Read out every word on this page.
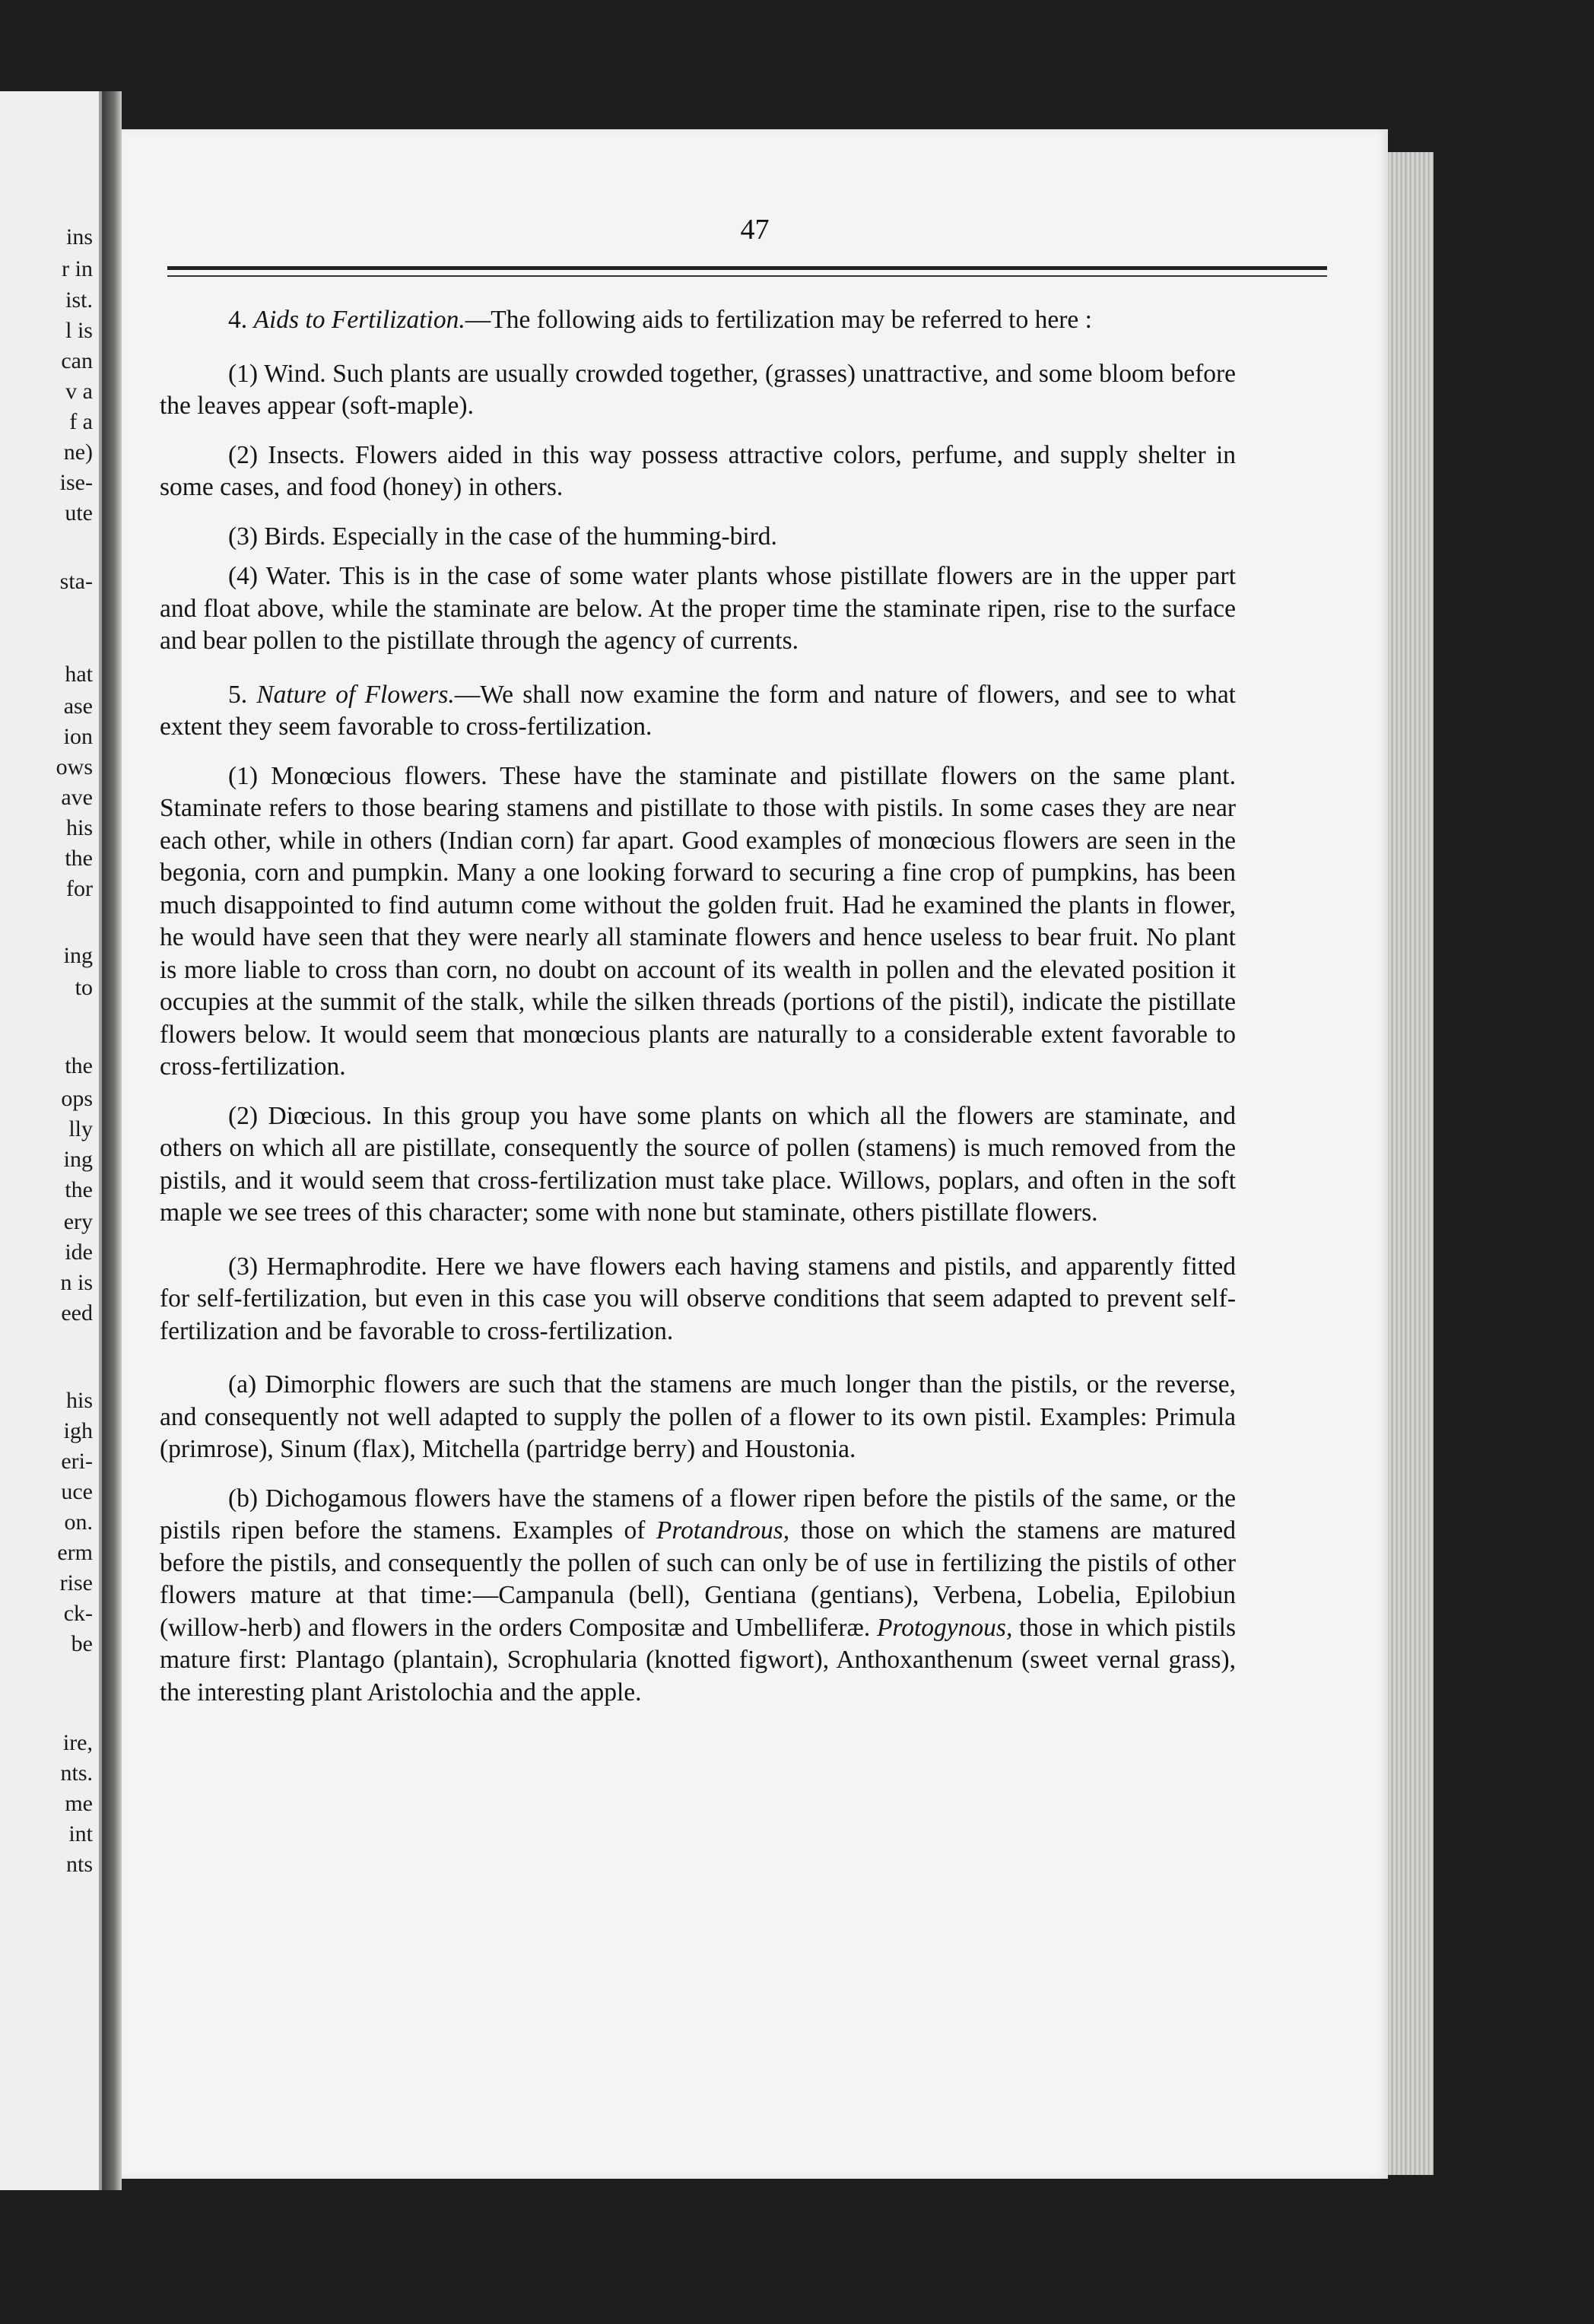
ins
r in
ist.
l is
can
v a
f a
ne)
ise-
ute
sta-
hat
ase
ion
ows
ave
his
the
for
ing
to
the
ops
lly
ing
the
ery
ide
n is
eed
his
igh
eri-
uce
on.
erm
rise
ck-
be
ire,
nts.
me
int
nts
47

4. Aids to Fertilization.—The following aids to fertilization may be referred to here :

(1) Wind. Such plants are usually crowded together, (grasses) unattractive, and some bloom before the leaves appear (soft-maple).

(2) Insects. Flowers aided in this way possess attractive colors, perfume, and supply shelter in some cases, and food (honey) in others.

(3) Birds. Especially in the case of the humming-bird.

(4) Water. This is in the case of some water plants whose pistillate flowers are in the upper part and float above, while the staminate are below. At the proper time the staminate ripen, rise to the surface and bear pollen to the pistillate through the agency of currents.

5. Nature of Flowers.—We shall now examine the form and nature of flowers, and see to what extent they seem favorable to cross-fertilization.

(1) Monœcious flowers. These have the staminate and pistillate flowers on the same plant. Staminate refers to those bearing stamens and pistillate to those with pistils. In some cases they are near each other, while in others (Indian corn) far apart. Good examples of monœcious flowers are seen in the begonia, corn and pumpkin. Many a one looking forward to securing a fine crop of pumpkins, has been much disappointed to find autumn come without the golden fruit. Had he examined the plants in flower, he would have seen that they were nearly all staminate flowers and hence useless to bear fruit. No plant is more liable to cross than corn, no doubt on account of its wealth in pollen and the elevated position it occupies at the summit of the stalk, while the silken threads (portions of the pistil), indicate the pistillate flowers below. It would seem that monœcious plants are naturally to a considerable extent favorable to cross-fertilization.

(2) Diœcious. In this group you have some plants on which all the flowers are staminate, and others on which all are pistillate, consequently the source of pollen (stamens) is much removed from the pistils, and it would seem that cross-fertilization must take place. Willows, poplars, and often in the soft maple we see trees of this character; some with none but staminate, others pistillate flowers.

(3) Hermaphrodite. Here we have flowers each having stamens and pistils, and apparently fitted for self-fertilization, but even in this case you will observe conditions that seem adapted to prevent self-fertilization and be favorable to cross-fertilization.

(a) Dimorphic flowers are such that the stamens are much longer than the pistils, or the reverse, and consequently not well adapted to supply the pollen of a flower to its own pistil. Examples: Primula (primrose), Sinum (flax), Mitchella (partridge berry) and Houstonia.

(b) Dichogamous flowers have the stamens of a flower ripen before the pistils of the same, or the pistils ripen before the stamens. Examples of Protandrous, those on which the stamens are matured before the pistils, and consequently the pollen of such can only be of use in fertilizing the pistils of other flowers mature at that time:—Campanula (bell), Gentiana (gentians), Verbena, Lobelia, Epilobiun (willow-herb) and flowers in the orders Compositæ and Umbelliferæ. Protogynous, those in which pistils mature first: Plantago (plantain), Scrophularia (knotted figwort), Anthoxanthenum (sweet vernal grass), the interesting plant Aristolochia and the apple.
